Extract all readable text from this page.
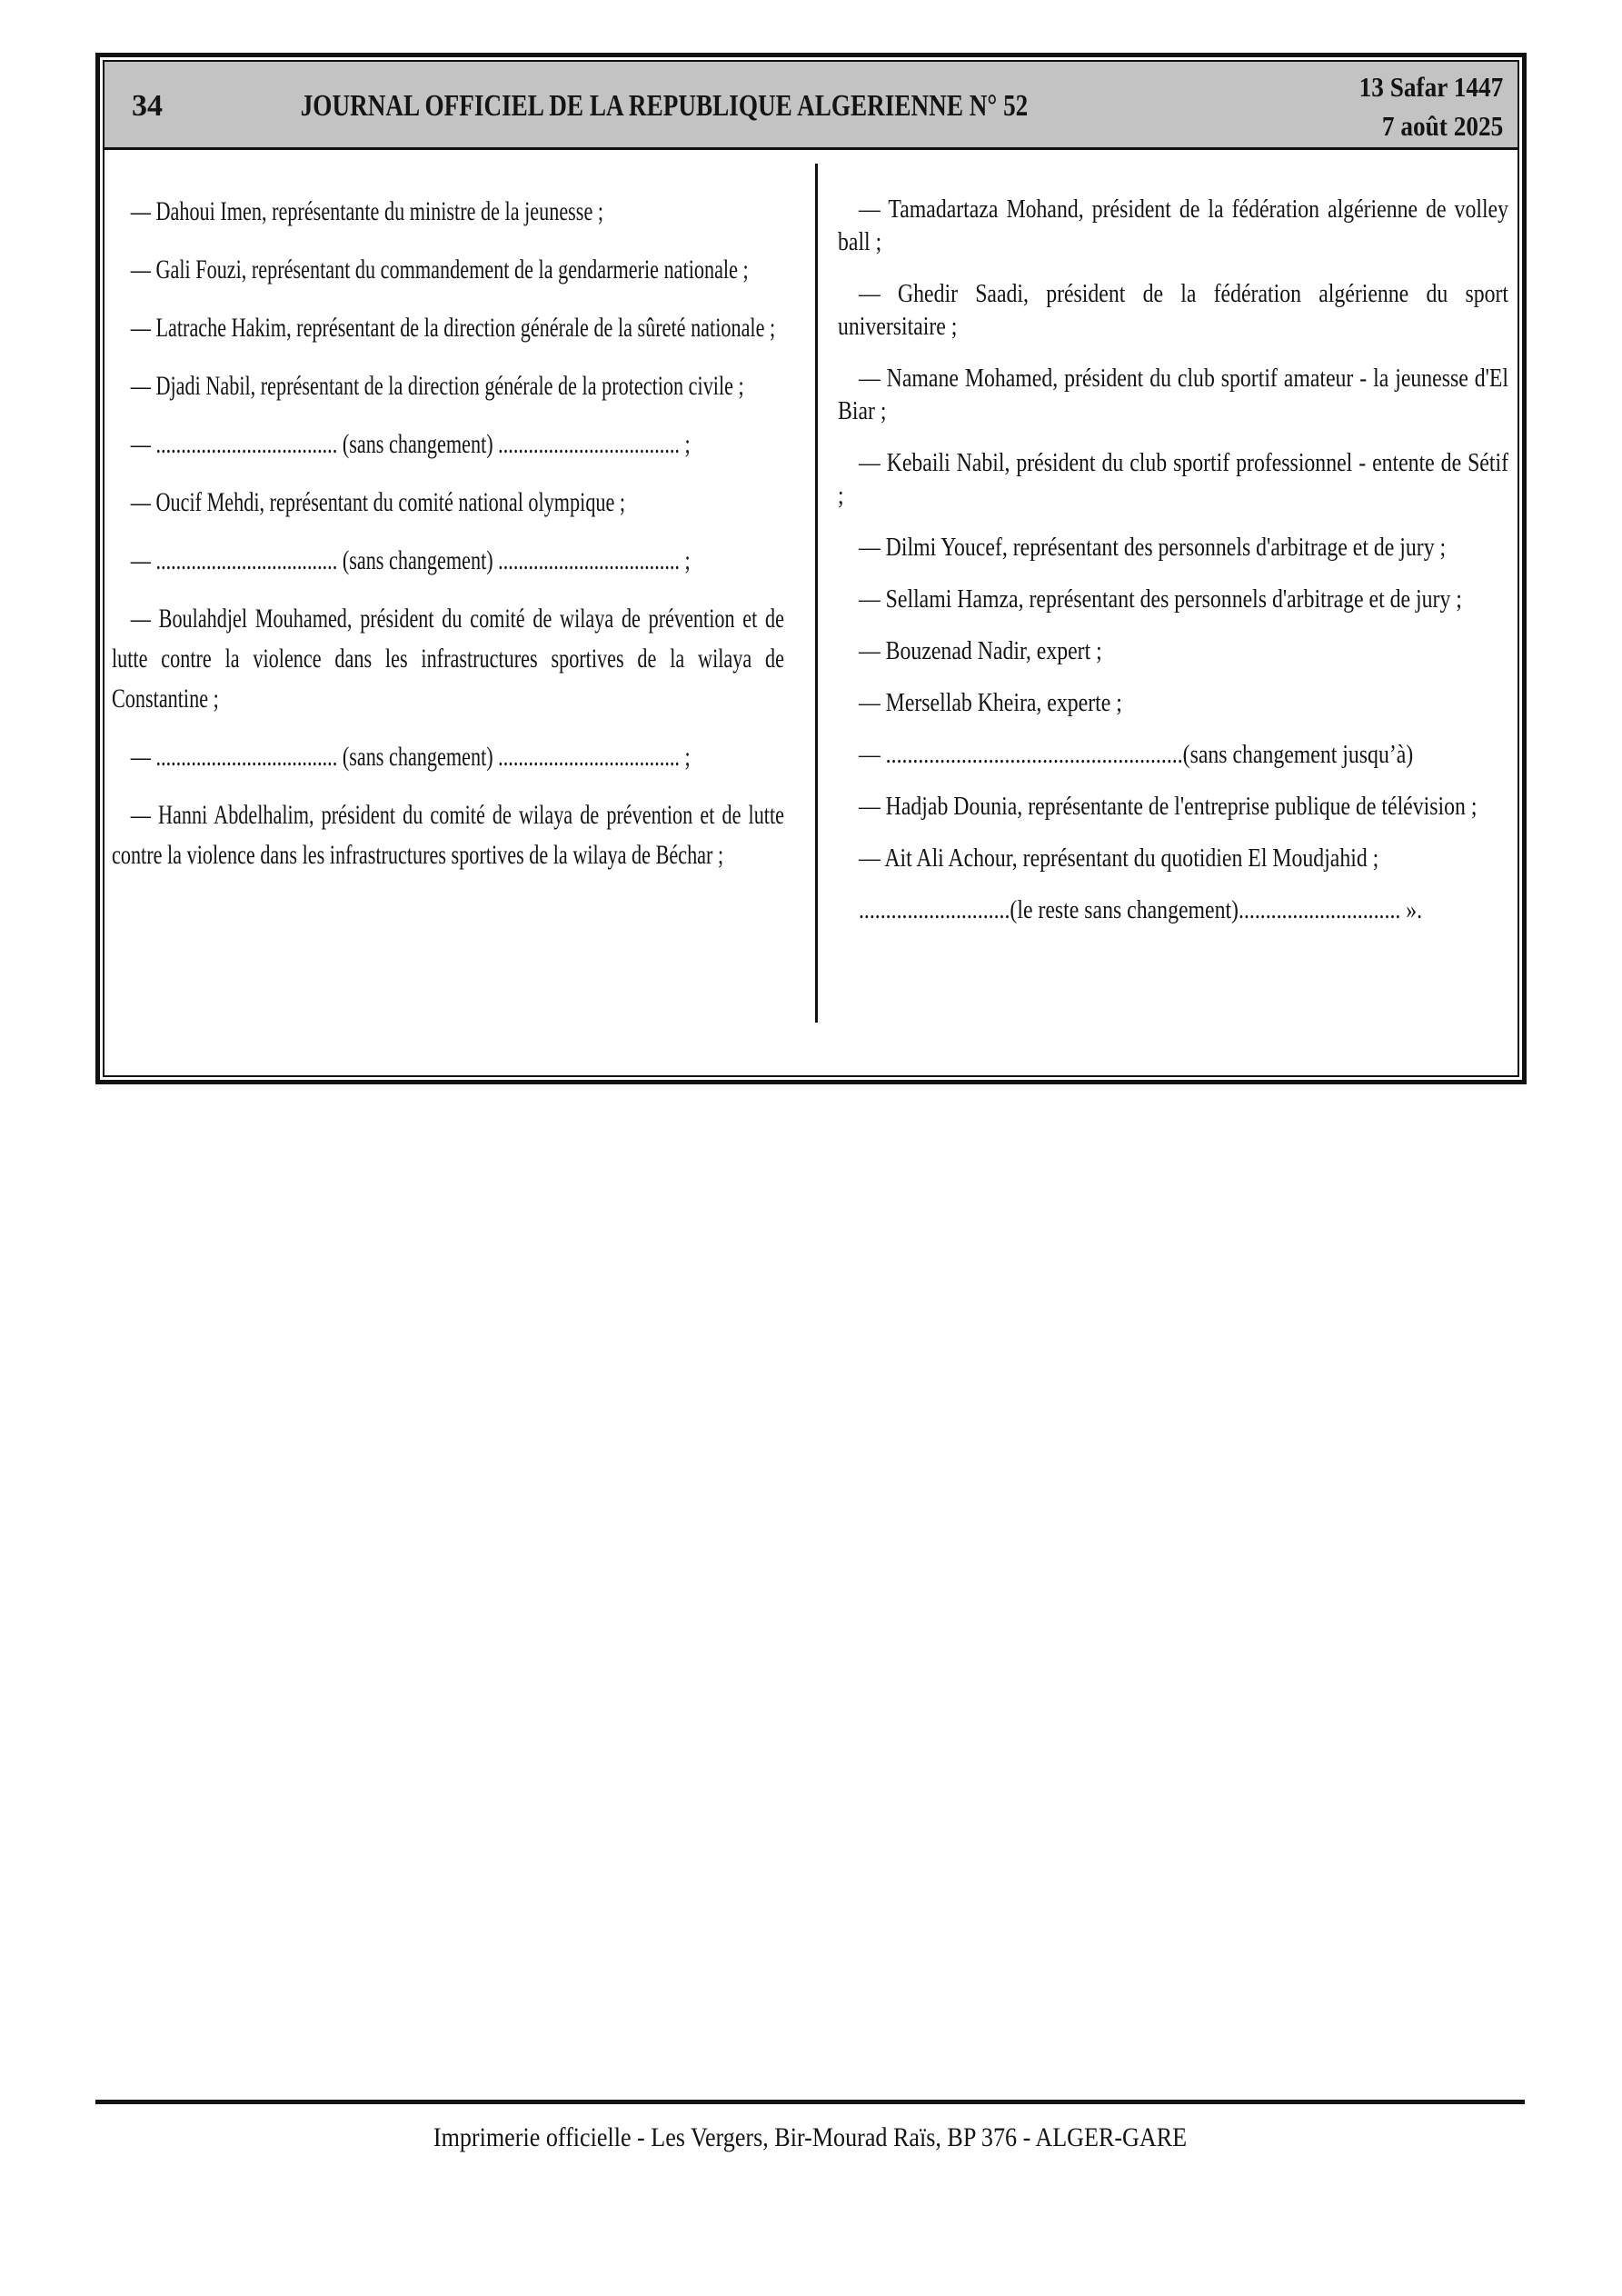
34	JOURNAL OFFICIEL DE LA REPUBLIQUE ALGERIENNE N° 52
13 Safar 1447
7 août 2025

— Dahoui Imen, représentante du ministre de la jeunesse ;

— Gali Fouzi, représentant du commandement de la gendarmerie nationale ;

— Latrache Hakim, représentant de la direction générale de la sûreté nationale ;

— Djadi Nabil, représentant de la direction générale de la protection civile ;

— .................................... (sans changement) .................................... ;

— Oucif Mehdi, représentant du comité national olympique ;

— .................................... (sans changement) .................................... ;

— Boulahdjel Mouhamed, président du comité de wilaya de prévention et de lutte contre la violence dans les infrastructures sportives de la wilaya de Constantine ;

— .................................... (sans changement) .................................... ;

— Hanni Abdelhalim, président du comité de wilaya de prévention et de lutte contre la violence dans les infrastructures sportives de la wilaya de Béchar ;

— Tamadartaza Mohand, président de la fédération algérienne de volley ball ;

— Ghedir Saadi, président de la fédération algérienne du sport universitaire ;

— Namane Mohamed, président du club sportif amateur - la jeunesse d'El Biar ;

— Kebaili Nabil, président du club sportif professionnel - entente de Sétif ;

— Dilmi Youcef, représentant des personnels d'arbitrage et de jury ;

— Sellami Hamza, représentant des personnels d'arbitrage et de jury ;

— Bouzenad Nadir, expert ;

— Mersellab Kheira, experte ;

— .......................................................(sans changement jusqu’à)

— Hadjab Dounia, représentante de l'entreprise publique de télévision ;

— Ait Ali Achour, représentant du quotidien El Moudjahid ;

............................(le reste sans changement).............................. ».

Imprimerie officielle - Les Vergers, Bir-Mourad Raïs, BP 376 - ALGER-GARE
